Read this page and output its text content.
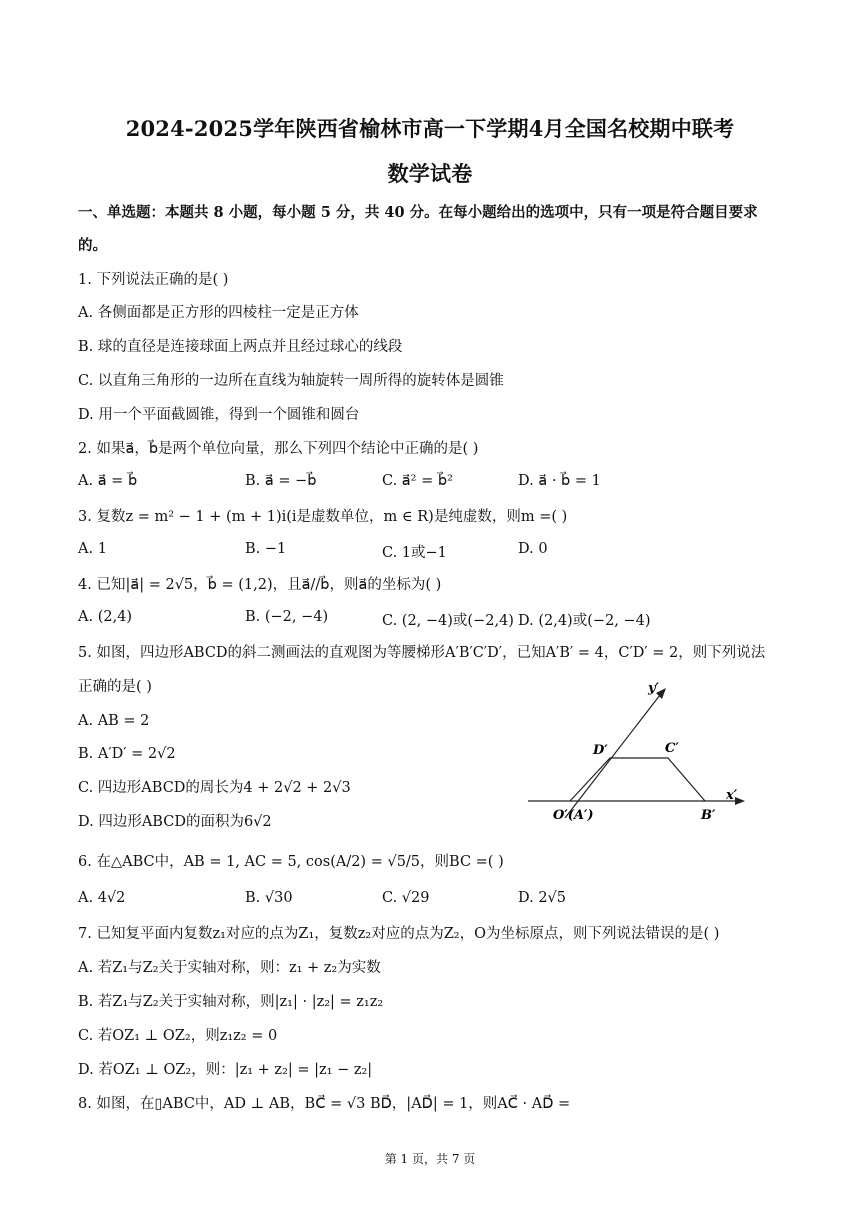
2024-2025学年陕西省榆林市高一下学期4月全国名校期中联考
数学试卷
一、单选题：本题共 8 小题，每小题 5 分，共 40 分。在每小题给出的选项中，只有一项是符合题目要求
的。
1. 下列说法正确的是( )
A. 各侧面都是正方形的四棱柱一定是正方体
B. 球的直径是连接球面上两点并且经过球心的线段
C. 以直角三角形的一边所在直线为轴旋转一周所得的旋转体是圆锥
D. 用一个平面截圆锥，得到一个圆锥和圆台
2. 如果a⃗，b⃗是两个单位向量，那么下列四个结论中正确的是( )
A. a⃗ = b⃗	B. a⃗ = −b⃗	C. a⃗² = b⃗²	D. a⃗ · b⃗ = 1
3. 复数z = m² − 1 + (m + 1)i(i是虚数单位，m ∈ R)是纯虚数，则m =( )
A. 1	B. −1	C. 1或−1	D. 0
4. 已知|a⃗| = 2√5，b⃗ = (1,2)，且a⃗//b⃗，则a⃗的坐标为( )
A. (2,4)	B. (−2, −4)	C. (2, −4)或(−2,4) D. (2,4)或(−2, −4)
5. 如图，四边形ABCD的斜二测画法的直观图为等腰梯形A′B′C′D′，已知A′B′ = 4，C′D′ = 2，则下列说法
正确的是( )
A. AB = 2
B. A′D′ = 2√2
C. 四边形ABCD的周长为4 + 2√2 + 2√3
D. 四边形ABCD的面积为6√2
y′
x′
D′	C′
O′(A′)	B′
6. 在△ABC中，AB = 1, AC = 5, cos(A/2) = √5/5，则BC =( )
A. 4√2	B. √30	C. √29	D. 2√5
7. 已知复平面内复数z₁对应的点为Z₁，复数z₂对应的点为Z₂，O为坐标原点，则下列说法错误的是( )
A. 若Z₁与Z₂关于实轴对称，则：z₁ + z₂为实数
B. 若Z₁与Z₂关于实轴对称，则|z₁| · |z₂| = z₁z₂
C. 若OZ₁ ⊥ OZ₂，则z₁z₂ = 0
D. 若OZ₁ ⊥ OZ₂，则：|z₁ + z₂| = |z₁ − z₂|
8. 如图，在▯ABC中，AD ⊥ AB，BC⃗ = √3 BD⃗，|AD⃗| = 1，则AC⃗ · AD⃗ =
第 1 页，共 7 页
